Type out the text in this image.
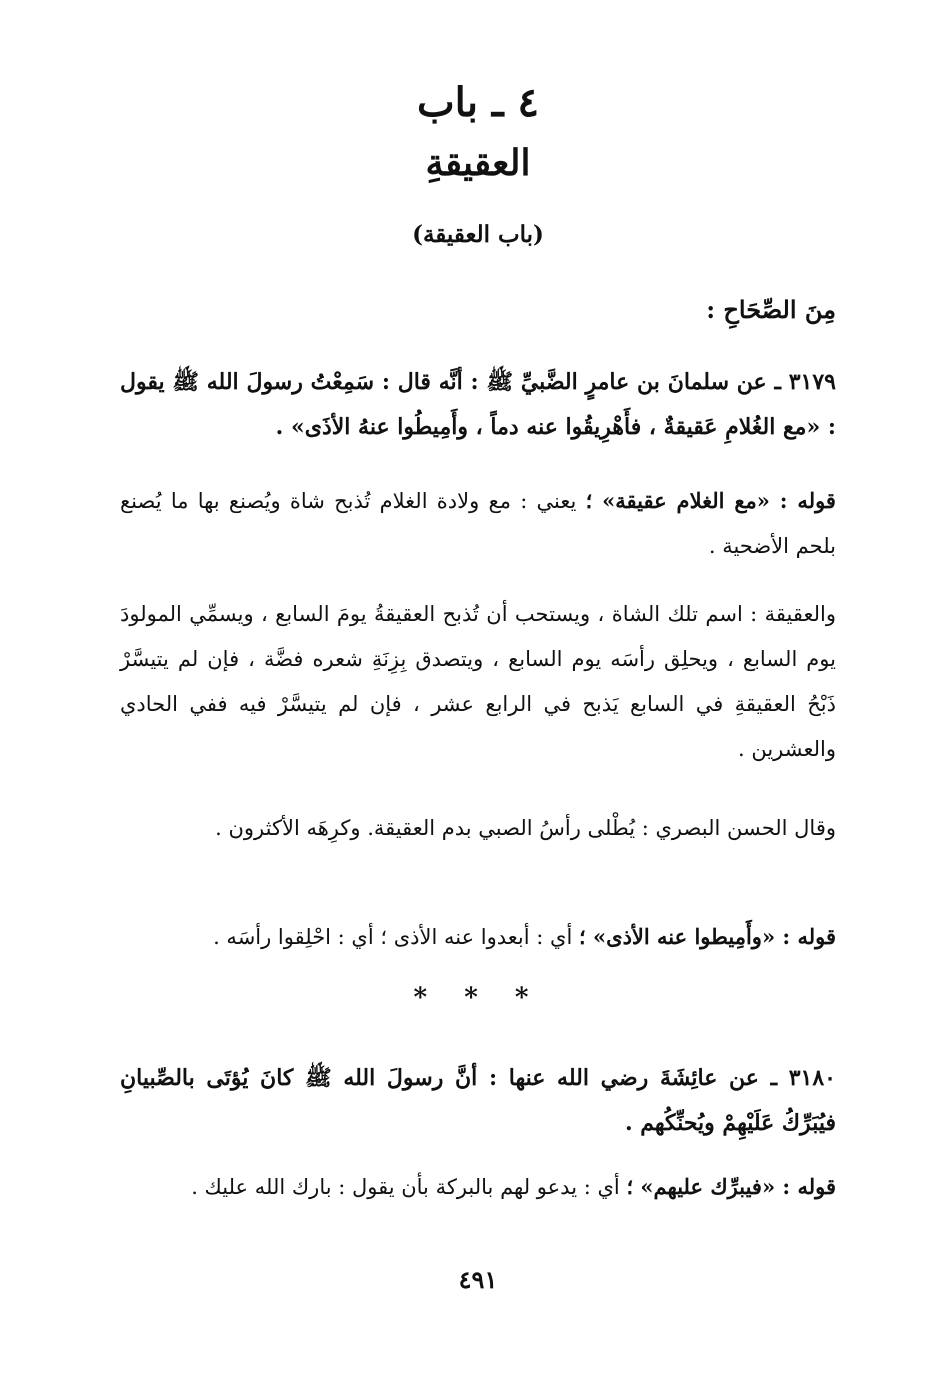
٤ ـ باب
العقيقةِ
(باب العقيقة)
مِنَ الصِّحَاحِ :
٣١٧٩ ـ عن سلمانَ بن عامرٍ الضَّبيِّ ﷺ : أنَّه قال : سَمِعْتُ رسولَ الله ﷺ يقول : «مع الغُلامِ عَقيقةٌ ، فأَهْرِيقُوا عنه دماً ، وأَمِيطُوا عنهُ الأذَى» .
قوله : «مع الغلام عقيقة» ؛ يعني : مع ولادة الغلام تُذبح شاة ويُصنع بها ما يُصنع بلحم الأضحية .
والعقيقة : اسم تلك الشاة ، ويستحب أن تُذبح العقيقةُ يومَ السابع ، ويسمِّي المولودَ يوم السابع ، ويحلِق رأسَه يوم السابع ، ويتصدق بِزِنَةِ شعره فضَّة ، فإن لم يتيسَّرْ ذَبْحُ العقيقةِ في السابع يَذبح في الرابع عشر ، فإن لم يتيسَّرْ فيه ففي الحادي والعشرين .
وقال الحسن البصري : يُطْلى رأسُ الصبي بدم العقيقة. وكرِهَه الأكثرون .
قوله : «وأَمِيطوا عنه الأذى» ؛ أي : أبعدوا عنه الأذى ؛ أي : احْلِقوا رأسَه .
* * *
٣١٨٠ ـ عن عائِشَةَ رضي الله عنها : أنَّ رسولَ الله ﷺ كانَ يُؤتَى بالصِّبيانِ فيُبَرِّكُ عَلَيْهِمْ ويُحنِّكُهم .
قوله : «فيبرِّك عليهم» ؛ أي : يدعو لهم بالبركة بأن يقول : بارك الله عليك .
٤٩١
